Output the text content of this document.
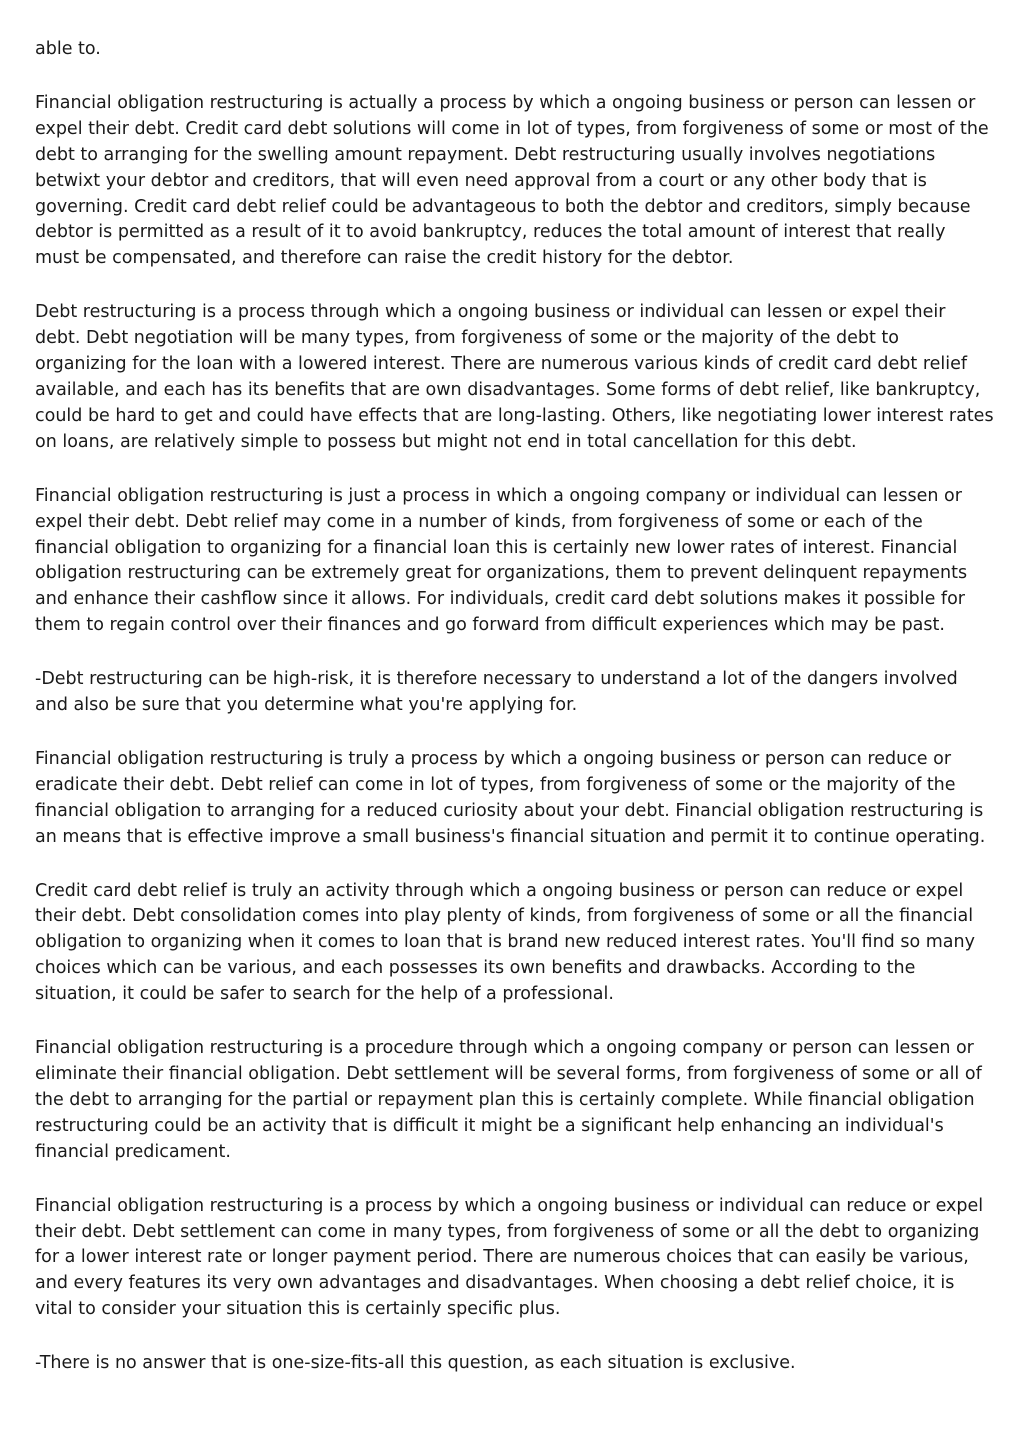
able to.

Financial obligation restructuring is actually a process by which a ongoing business or person can lessen or expel their debt. Credit card debt solutions will come in lot of types, from forgiveness of some or most of the debt to arranging for the swelling amount repayment. Debt restructuring usually involves negotiations betwixt your debtor and creditors, that will even need approval from a court or any other body that is governing. Credit card debt relief could be advantageous to both the debtor and creditors, simply because debtor is permitted as a result of it to avoid bankruptcy, reduces the total amount of interest that really must be compensated, and therefore can raise the credit history for the debtor.

Debt restructuring is a process through which a ongoing business or individual can lessen or expel their debt. Debt negotiation will be many types, from forgiveness of some or the majority of the debt to organizing for the loan with a lowered interest. There are numerous various kinds of credit card debt relief available, and each has its benefits that are own disadvantages. Some forms of debt relief, like bankruptcy, could be hard to get and could have effects that are long-lasting. Others, like negotiating lower interest rates on loans, are relatively simple to possess but might not end in total cancellation for this debt.

Financial obligation restructuring is just a process in which a ongoing company or individual can lessen or expel their debt. Debt relief may come in a number of kinds, from forgiveness of some or each of the financial obligation to organizing for a financial loan this is certainly new lower rates of interest. Financial obligation restructuring can be extremely great for organizations, them to prevent delinquent repayments and enhance their cashflow since it allows. For individuals, credit card debt solutions makes it possible for them to regain control over their finances and go forward from difficult experiences which may be past.

-Debt restructuring can be high-risk, it is therefore necessary to understand a lot of the dangers involved and also be sure that you determine what you're applying for.

Financial obligation restructuring is truly a process by which a ongoing business or person can reduce or eradicate their debt. Debt relief can come in lot of types, from forgiveness of some or the majority of the financial obligation to arranging for a reduced curiosity about your debt. Financial obligation restructuring is an means that is effective improve a small business's financial situation and permit it to continue operating.

Credit card debt relief is truly an activity through which a ongoing business or person can reduce or expel their debt. Debt consolidation comes into play plenty of kinds, from forgiveness of some or all the financial obligation to organizing when it comes to loan that is brand new reduced interest rates. You'll find so many choices which can be various, and each possesses its own benefits and drawbacks. According to the situation, it could be safer to search for the help of a professional.

Financial obligation restructuring is a procedure through which a ongoing company or person can lessen or eliminate their financial obligation. Debt settlement will be several forms, from forgiveness of some or all of the debt to arranging for the partial or repayment plan this is certainly complete. While financial obligation restructuring could be an activity that is difficult it might be a significant help enhancing an individual's financial predicament.

Financial obligation restructuring is a process by which a ongoing business or individual can reduce or expel their debt. Debt settlement can come in many types, from forgiveness of some or all the debt to organizing for a lower interest rate or longer payment period. There are numerous choices that can easily be various, and every features its very own advantages and disadvantages. When choosing a debt relief choice, it is vital to consider your situation this is certainly specific plus.

-There is no answer that is one-size-fits-all this question, as each situation is exclusive.
